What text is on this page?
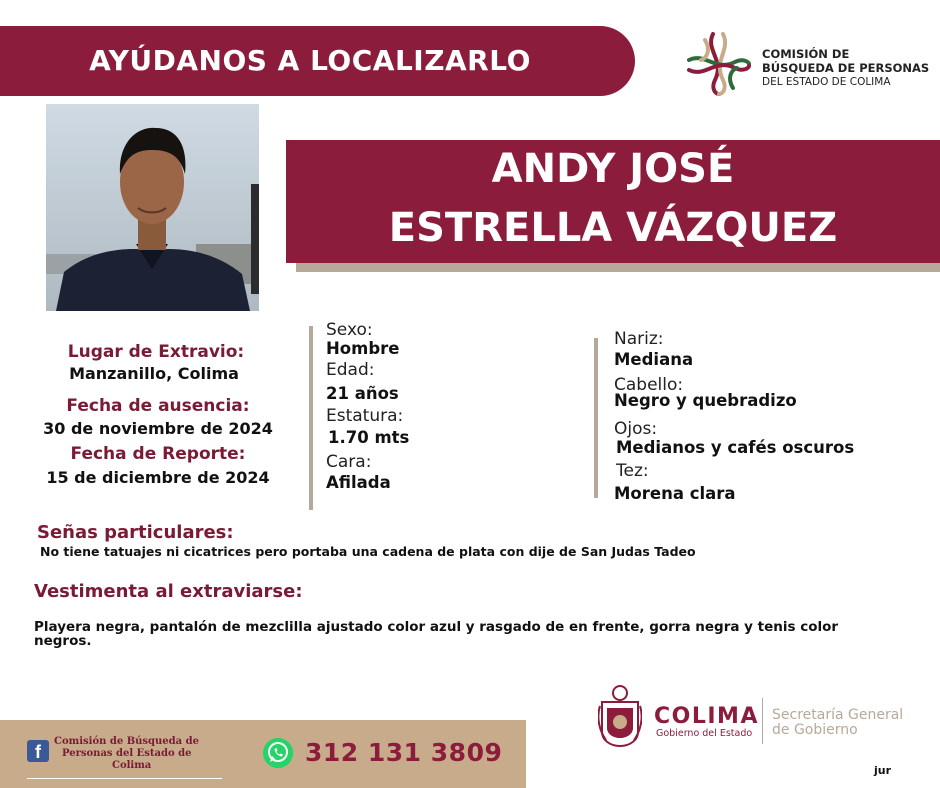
AYÚDANOS A LOCALIZARLO	COMISIÓN DE
BÚSQUEDA DE PERSONAS
DEL ESTADO DE COLIMA
ANDY JOSÉ
ESTRELLA VÁZQUEZ
Lugar de Extravio:
Manzanillo, Colima
Fecha de ausencia:
30 de noviembre de 2024
Fecha de Reporte:
15 de diciembre de 2024
Sexo:
Hombre
Edad:
21 años
Estatura:
1.70 mts
Cara:
Afilada
Nariz:
Mediana
Cabello:
Negro y quebradizo
Ojos:
Medianos y cafés oscuros
Tez:
Morena clara
Señas particulares:
No tiene tatuajes ni cicatrices pero portaba una cadena de plata con dije de San Judas Tadeo
Vestimenta al extraviarse:
Playera negra, pantalón de mezclilla ajustado color azul y rasgado de en frente, gorra negra y tenis color
negros.
f
Comisión de Búsqueda de
Personas del Estado de
Colima	312 131 3809
COLIMA
Gobierno del Estado
Secretaría General
de Gobierno
jur
